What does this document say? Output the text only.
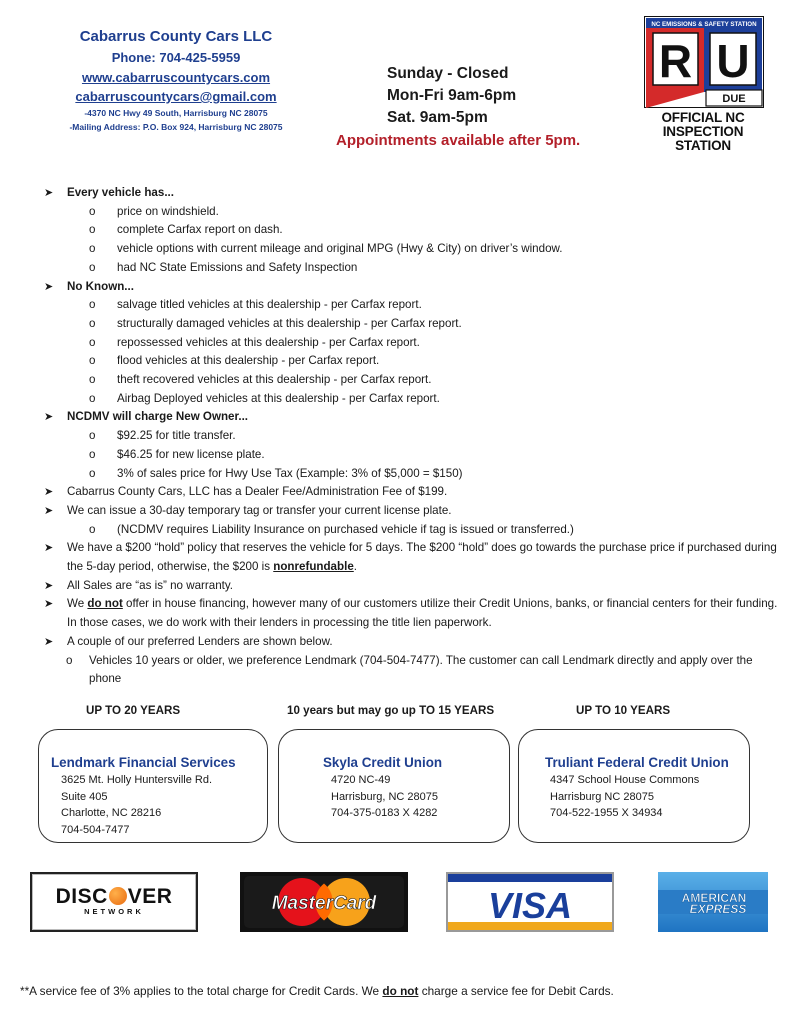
Cabarrus County Cars LLC
Phone: 704-425-5959
www.cabarruscountycars.com
cabarruscountycars@gmail.com
-4370 NC Hwy 49 South, Harrisburg NC 28075
-Mailing Address: P.O. Box 924, Harrisburg NC 28075
Sunday - Closed
Mon-Fri 9am-6pm
Sat. 9am-5pm
Appointments available after 5pm.
NC EMISSIONS & SAFETY STATION
R U
DUE
OFFICIAL NC
INSPECTION
STATION
➤ Every vehicle has...
o price on windshield.
o complete Carfax report on dash.
o vehicle options with current mileage and original MPG (Hwy & City) on driver’s window.
o had NC State Emissions and Safety Inspection
➤ No Known...
o salvage titled vehicles at this dealership - per Carfax report.
o structurally damaged vehicles at this dealership - per Carfax report.
o repossessed vehicles at this dealership - per Carfax report.
o flood vehicles at this dealership - per Carfax report.
o theft recovered vehicles at this dealership - per Carfax report.
o Airbag Deployed vehicles at this dealership - per Carfax report.
➤ NCDMV will charge New Owner...
o $92.25 for title transfer.
o $46.25 for new license plate.
o 3% of sales price for Hwy Use Tax (Example: 3% of $5,000 = $150)
➤ Cabarrus County Cars, LLC has a Dealer Fee/Administration Fee of $199.
➤ We can issue a 30-day temporary tag or transfer your current license plate.
o (NCDMV requires Liability Insurance on purchased vehicle if tag is issued or transferred.)
➤ We have a $200 “hold” policy that reserves the vehicle for 5 days. The $200 “hold” does go towards the purchase price if purchased during the 5-day period, otherwise, the $200 is nonrefundable.
➤ All Sales are “as is” no warranty.
➤ We do not offer in house financing, however many of our customers utilize their Credit Unions, banks, or financial centers for their funding. In those cases, we do work with their lenders in processing the title lien paperwork.
➤ A couple of our preferred Lenders are shown below.
o Vehicles 10 years or older, we preference Lendmark (704-504-7477). The customer can call Lendmark directly and apply over the phone
UP TO 20 YEARS	10 years but may go up TO 15 YEARS	UP TO 10 YEARS
Lendmark Financial Services
3625 Mt. Holly Huntersville Rd.
Suite 405
Charlotte, NC 28216
704-504-7477
Skyla Credit Union
4720 NC-49
Harrisburg, NC 28075
704-375-0183 X 4282
Truliant Federal Credit Union
4347 School House Commons
Harrisburg NC 28075
704-522-1955 X 34934
DISC VER
NETWORK	MasterCard	VISA	AMERICAN
EXPRESS
**A service fee of 3% applies to the total charge for Credit Cards. We do not charge a service fee for Debit Cards.
